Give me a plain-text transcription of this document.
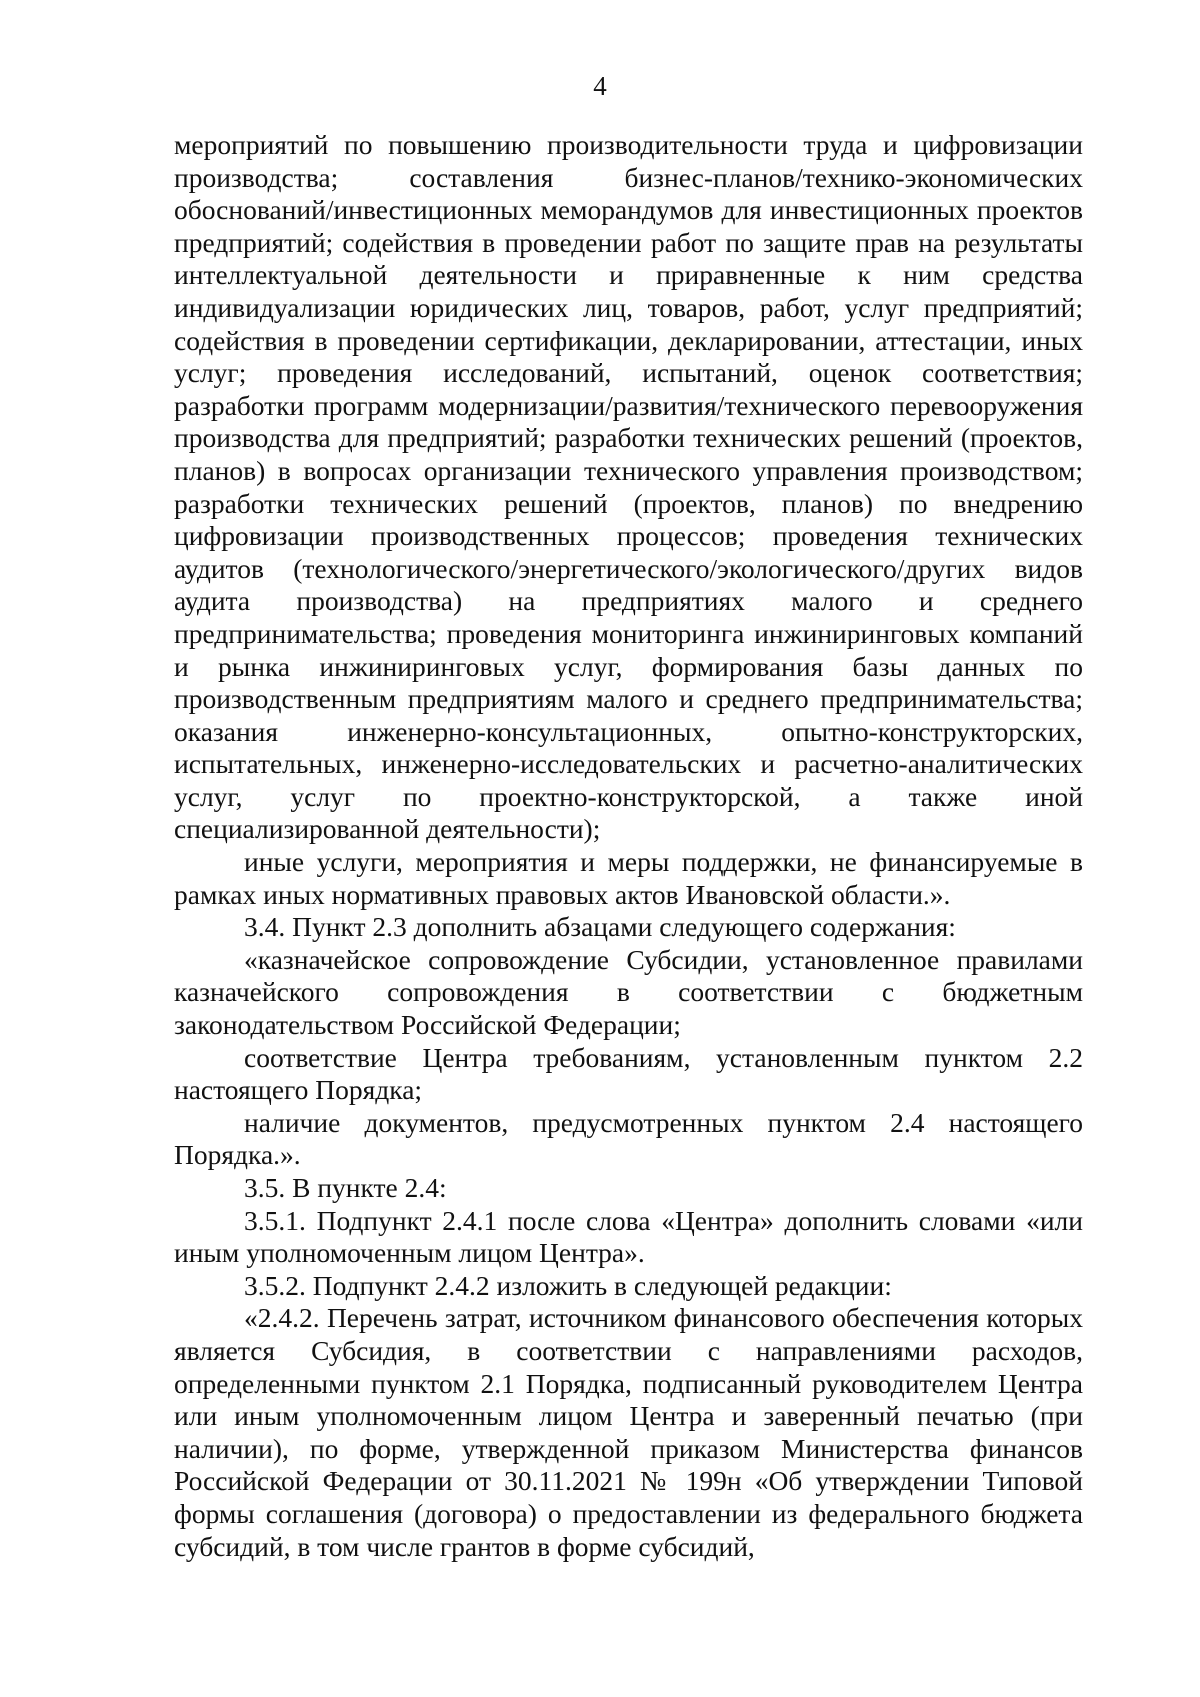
4

мероприятий по повышению производительности труда и цифровизации производства; составления бизнес-планов/технико-экономических обоснований/инвестиционных меморандумов для инвестиционных проектов предприятий; содействия в проведении работ по защите прав на результаты интеллектуальной деятельности и приравненные к ним средства индивидуализации юридических лиц, товаров, работ, услуг предприятий; содействия в проведении сертификации, декларировании, аттестации, иных услуг; проведения исследований, испытаний, оценок соответствия; разработки программ модернизации/развития/технического перевооружения производства для предприятий; разработки технических решений (проектов, планов) в вопросах организации технического управления производством; разработки технических решений (проектов, планов) по внедрению цифровизации производственных процессов; проведения технических аудитов (технологического/энергетического/экологического/других видов аудита производства) на предприятиях малого и среднего предпринимательства; проведения мониторинга инжиниринговых компаний и рынка инжиниринговых услуг, формирования базы данных по производственным предприятиям малого и среднего предпринимательства; оказания инженерно-консультационных, опытно-конструкторских, испытательных, инженерно-исследовательских и расчетно-аналитических услуг, услуг по проектно-конструкторской, а также иной специализированной деятельности);

иные услуги, мероприятия и меры поддержки, не финансируемые в рамках иных нормативных правовых актов Ивановской области.».

3.4. Пункт 2.3 дополнить абзацами следующего содержания:

«казначейское сопровождение Субсидии, установленное правилами казначейского сопровождения в соответствии с бюджетным законодательством Российской Федерации;

соответствие Центра требованиям, установленным пунктом 2.2 настоящего Порядка;

наличие документов, предусмотренных пунктом 2.4 настоящего Порядка.».

3.5. В пункте 2.4:

3.5.1. Подпункт 2.4.1 после слова «Центра» дополнить словами «или иным уполномоченным лицом Центра».

3.5.2. Подпункт 2.4.2 изложить в следующей редакции:

«2.4.2. Перечень затрат, источником финансового обеспечения которых является Субсидия, в соответствии с направлениями расходов, определенными пунктом 2.1 Порядка, подписанный руководителем Центра или иным уполномоченным лицом Центра и заверенный печатью (при наличии), по форме, утвержденной приказом Министерства финансов Российской Федерации от 30.11.2021 № 199н «Об утверждении Типовой формы соглашения (договора) о предоставлении из федерального бюджета субсидий, в том числе грантов в форме субсидий,
